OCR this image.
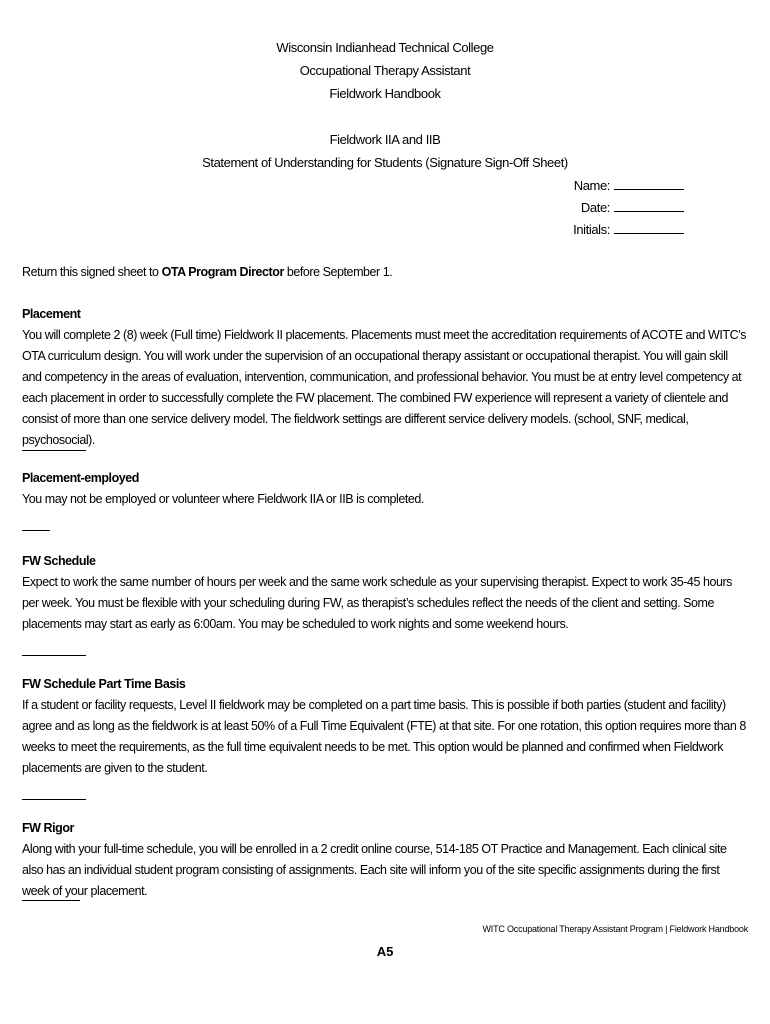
Wisconsin Indianhead Technical College
Occupational Therapy Assistant
Fieldwork Handbook
Fieldwork IIA and IIB
Statement of Understanding for Students (Signature Sign-Off Sheet)
Name:
Date:
Initials:
Return this signed sheet to OTA Program Director before September 1.
Placement
You will complete 2 (8) week (Full time) Fieldwork II placements. Placements must meet the accreditation requirements of ACOTE and WITC’s OTA curriculum design. You will work under the supervision of an occupational therapy assistant or occupational therapist. You will gain skill and competency in the areas of evaluation, intervention, communication, and professional behavior. You must be at entry level competency at each placement in order to successfully complete the FW placement. The combined FW experience will represent a variety of clientele and consist of more than one service delivery model. The fieldwork settings are different service delivery models. (school, SNF, medical, psychosocial).
Placement-employed
You may not be employed or volunteer where Fieldwork IIA or IIB is completed.
FW Schedule
Expect to work the same number of hours per week and the same work schedule as your supervising therapist. Expect to work 35-45 hours per week. You must be flexible with your scheduling during FW, as therapist’s schedules reflect the needs of the client and setting. Some placements may start as early as 6:00am. You may be scheduled to work nights and some weekend hours.
FW Schedule Part Time Basis
If a student or facility requests, Level II fieldwork may be completed on a part time basis. This is possible if both parties (student and facility) agree and as long as the fieldwork is at least 50% of a Full Time Equivalent (FTE) at that site. For one rotation, this option requires more than 8 weeks to meet the requirements, as the full time equivalent needs to be met. This option would be planned and confirmed when Fieldwork placements are given to the student.
FW Rigor
Along with your full-time schedule, you will be enrolled in a 2 credit online course, 514-185 OT Practice and Management. Each clinical site also has an individual student program consisting of assignments. Each site will inform you of the site specific assignments during the first week of your placement.
WITC Occupational Therapy Assistant Program | Fieldwork Handbook
A5
